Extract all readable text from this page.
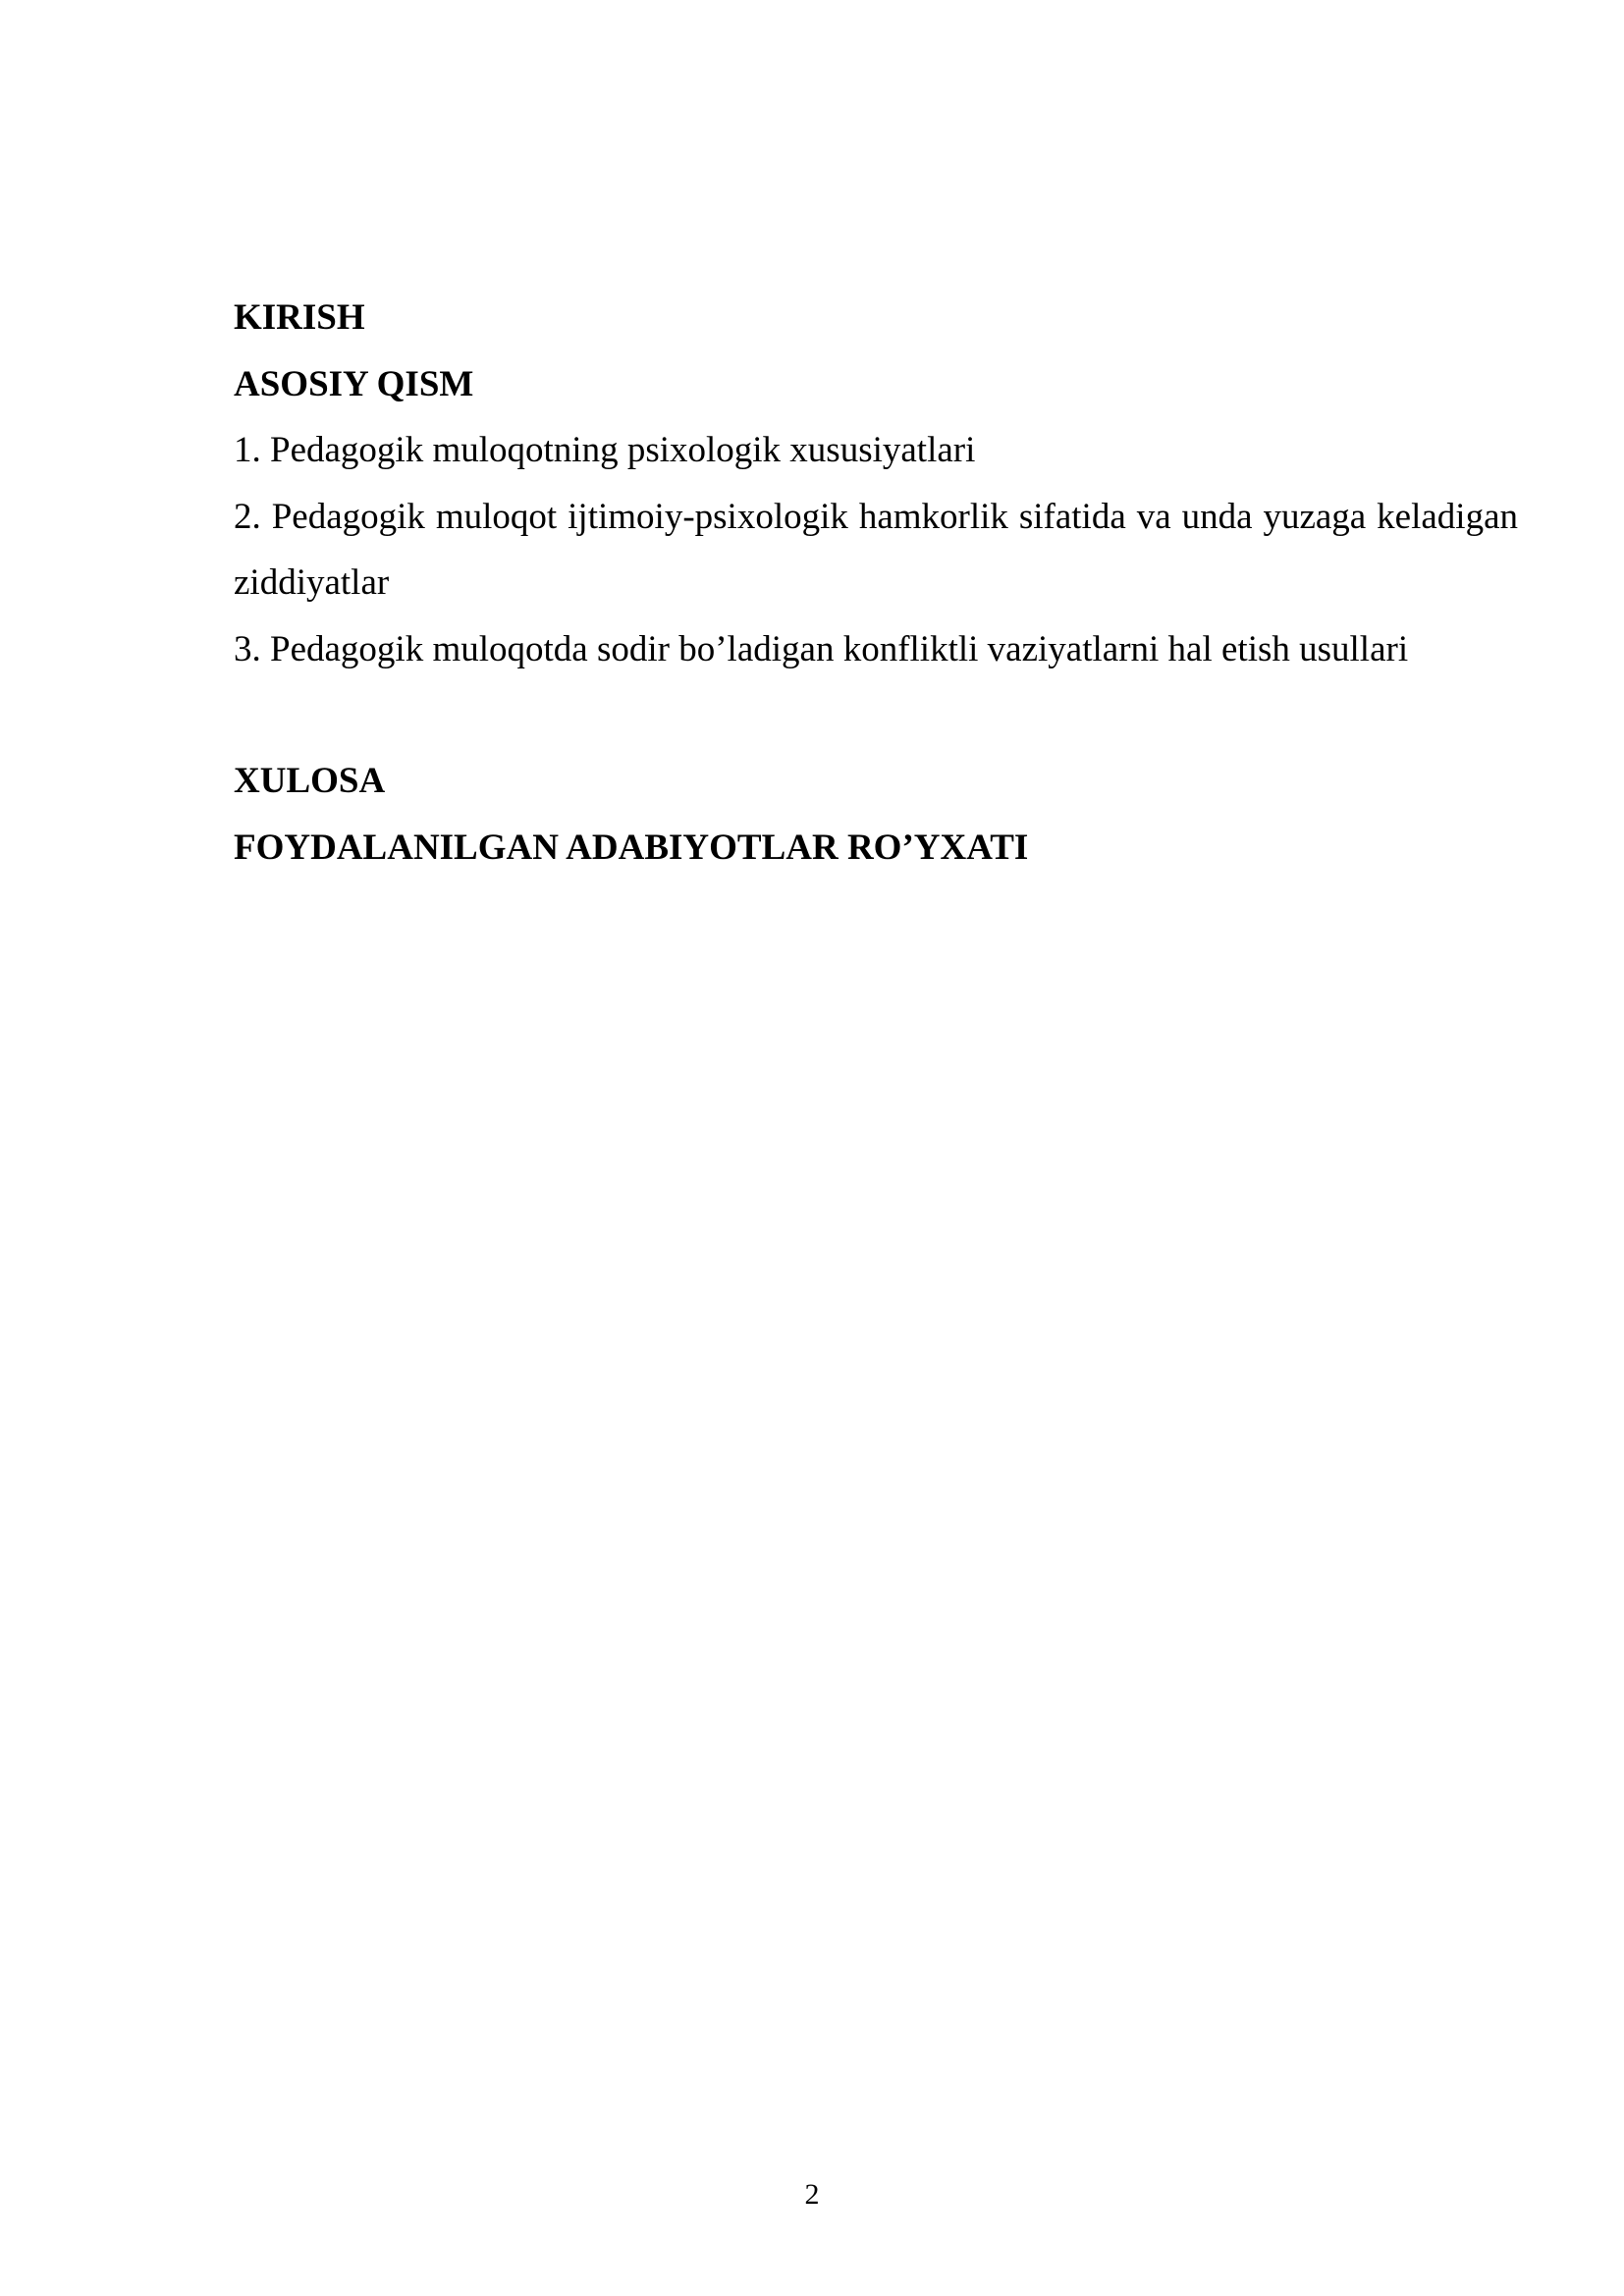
KIRISH

ASOSIY QISM

1. Pedagogik muloqotning psixologik xususiyatlari

2. Pedagogik muloqot ijtimoiy-psixologik hamkorlik sifatida va unda yuzaga keladigan ziddiyatlar

3. Pedagogik muloqotda sodir bo’ladigan konfliktli vaziyatlarni hal etish usullari

XULOSA

FOYDALANILGAN ADABIYOTLAR RO’YXATI

2
